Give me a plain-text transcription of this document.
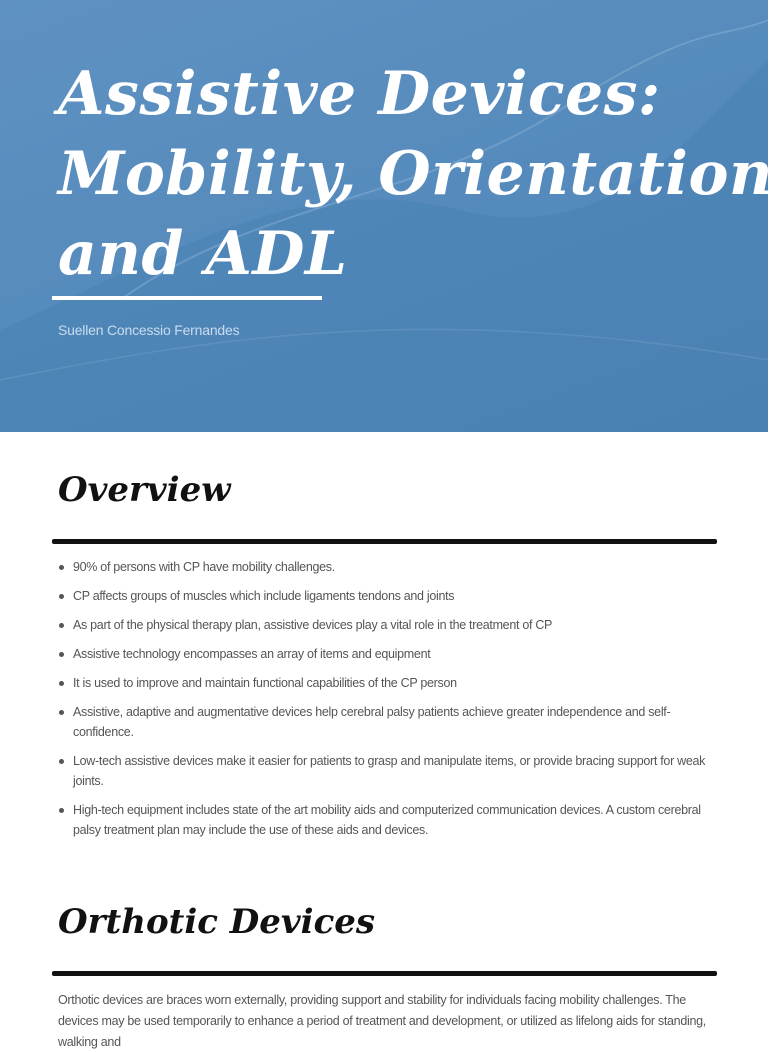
Assistive Devices:
Mobility, Orientation
and ADL
Suellen Concessio Fernandes
Overview
90% of persons with CP have mobility challenges.
CP affects groups of muscles which include ligaments tendons and joints
As part of the physical therapy plan, assistive devices play a vital role in the treatment of CP
Assistive technology encompasses an array of items and equipment
It is used to improve and maintain functional capabilities of the CP person
Assistive, adaptive and augmentative devices help cerebral palsy patients achieve greater independence and self-confidence.
Low-tech assistive devices make it easier for patients to grasp and manipulate items, or provide bracing support for weak joints.
High-tech equipment includes state of the art mobility aids and computerized communication devices. A custom cerebral palsy treatment plan may include the use of these aids and devices.
Orthotic Devices

Orthotic devices are braces worn externally, providing support and stability for individuals facing mobility challenges. The devices may be used temporarily to enhance a period of treatment and development, or utilized as lifelong aids for standing, walking and
